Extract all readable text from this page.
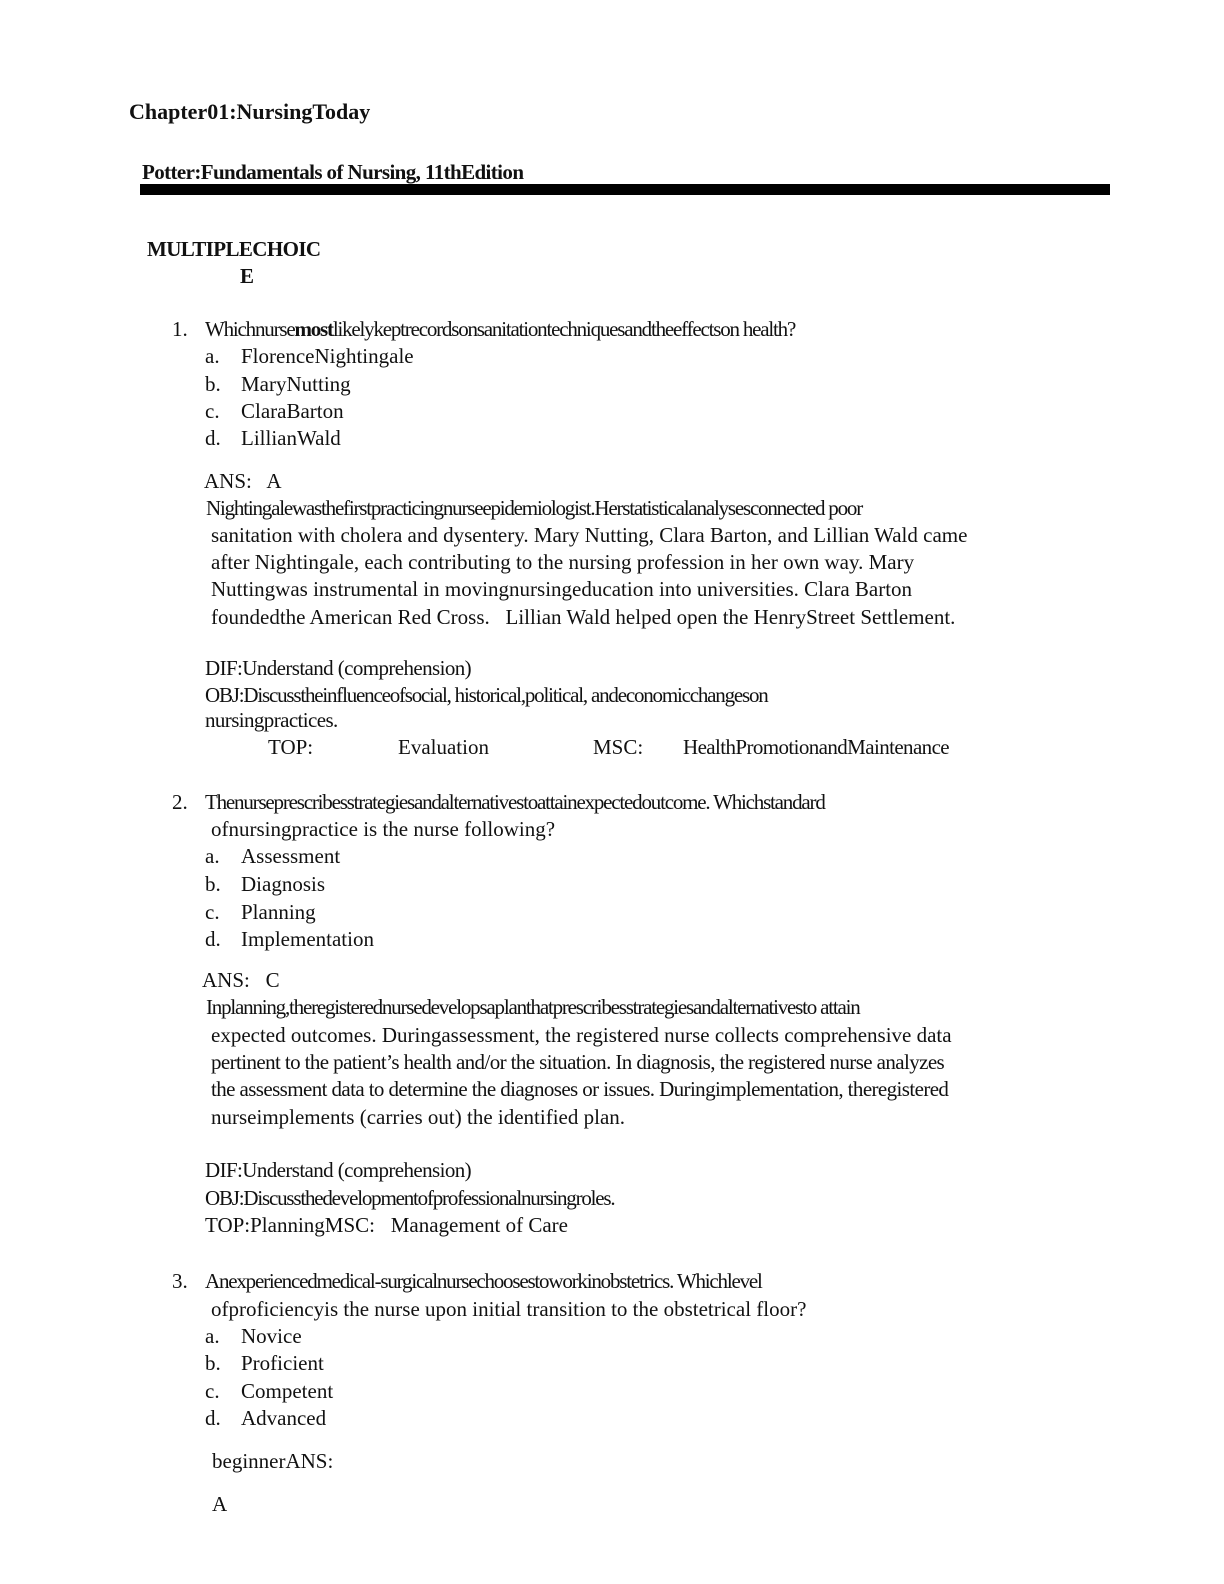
Chapter01:NursingToday
Potter:Fundamentals of Nursing, 11thEdition
MULTIPLECHOIC
E
1. Whichnursemostlikelykeptrecordsonsanitationtechniquesandtheeffectson health?
a. FlorenceNightingale
b. MaryNutting
c. ClaraBarton
d. LillianWald
ANS:   A
Nightingalewasthefirstpracticingnurseepidemiologist.Herstatisticalanalysesconnected poor
sanitation with cholera and dysentery. Mary Nutting, Clara Barton, and Lillian Wald came
after Nightingale, each contributing to the nursing profession in her own way. Mary
Nuttingwas instrumental in movingnursingeducation into universities. Clara Barton
foundedthe American Red Cross.   Lillian Wald helped open the HenryStreet Settlement.
DIF:Understand (comprehension)
OBJ:Discusstheinfluenceofsocial, historical,political, andeconomicchangeson
nursingpractices.
TOP:	Evaluation	MSC: HealthPromotionandMaintenance
2. Thenurseprescribesstrategiesandalternativestoattainexpectedoutcome. Whichstandard
ofnursingpractice is the nurse following?
a. Assessment
b. Diagnosis
c. Planning
d. Implementation
ANS:   C
Inplanning,theregisterednursedevelopsaplanthatprescribesstrategiesandalternativesto attain
expected outcomes. Duringassessment, the registered nurse collects comprehensive data
pertinent to the patient’s health and/or the situation. In diagnosis, the registered nurse analyzes
the assessment data to determine the diagnoses or issues. Duringimplementation, theregistered
nurseimplements (carries out) the identified plan.
DIF:Understand (comprehension)
OBJ:Discussthedevelopmentofprofessionalnursingroles.
TOP:PlanningMSC:   Management of Care
3. Anexperiencedmedical-surgicalnursechoosestoworkinobstetrics. Whichlevel
ofproficiencyis the nurse upon initial transition to the obstetrical floor?
a. Novice
b. Proficient
c. Competent
d. Advanced
beginnerANS:
A
